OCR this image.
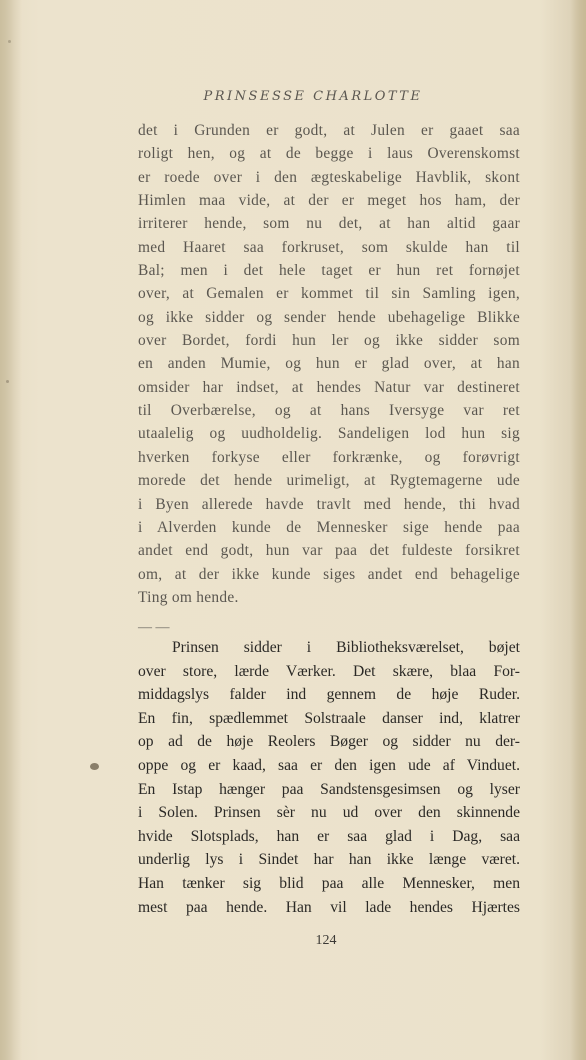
PRINSESSE CHARLOTTE
det i Grunden er godt, at Julen er gaaet saa
roligt hen, og at de begge i laus Overenskomst
er roede over i den ægteskabelige Havblik, skont
Himlen maa vide, at der er meget hos ham, der
irriterer hende, som nu det, at han altid gaar
med Haaret saa forkruset, som skulde han til
Bal; men i det hele taget er hun ret fornøjet
over, at Gemalen er kommet til sin Samling igen,
og ikke sidder og sender hende ubehagelige Blikke
over Bordet, fordi hun ler og ikke sidder som
en anden Mumie, og hun er glad over, at han
omsider har indset, at hendes Natur var destineret
til Overbærelse, og at hans Iversyge var ret
utaalelig og uudholdelig. Sandeligen lod hun sig
hverken forkyse eller forkrænke, og forøvrigt
morede det hende urimeligt, at Rygtemagerne ude
i Byen allerede havde travlt med hende, thi hvad
i Alverden kunde de Mennesker sige hende paa
andet end godt, hun var paa det fuldeste forsikret
om, at der ikke kunde siges andet end behagelige
Ting om hende.
— —
Prinsen sidder i Bibliotheksværelset, bøjet
over store, lærde Værker. Det skære, blaa For-
middagslys falder ind gennem de høje Ruder.
En fin, spædlemmet Solstraale danser ind, klatrer
op ad de høje Reolers Bøger og sidder nu der-
oppe og er kaad, saa er den igen ude af Vinduet.
En Istap hænger paa Sandstensgesimsen og lyser
i Solen. Prinsen sèr nu ud over den skinnende
hvide Slotsplads, han er saa glad i Dag, saa
underlig lys i Sindet har han ikke længe været.
Han tænker sig blid paa alle Mennesker, men
mest paa hende. Han vil lade hendes Hjærtes
124
